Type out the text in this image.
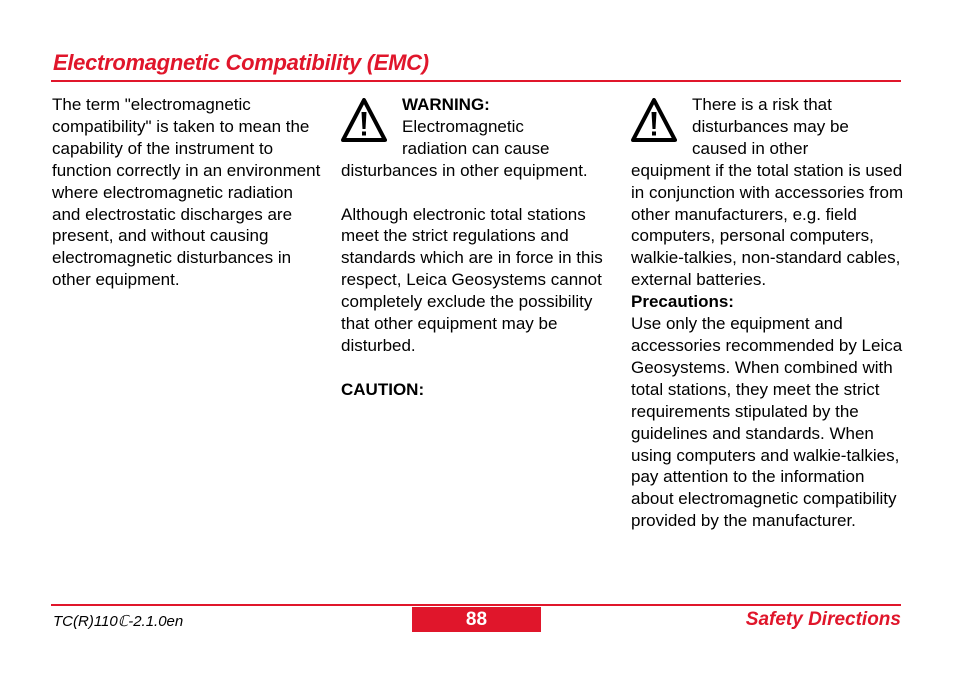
Electromagnetic Compatibility (EMC)

The term "electromagnetic compatibility" is taken to mean the capability of the instrument to function correctly in an environment where electromagnetic radiation and electrostatic discharges are present, and without causing electromagnetic disturbances in other equipment.

WARNING:
Electromagnetic
radiation can cause

disturbances in other equipment.

Although electronic total stations meet the strict regulations and standards which are in force in this respect, Leica Geosystems cannot completely exclude the possibility that other equipment may be disturbed.

CAUTION:

There is a risk that
disturbances may be
caused in other

equipment if the total station is used in conjunction with accessories from other manufacturers, e.g. field computers, personal computers, walkie-talkies, non-standard cables, external batteries.

Precautions:

Use only the equipment and accessories recommended by Leica Geosystems. When combined with total stations, they meet the strict requirements stipulated by the guidelines and standards. When using computers and walkie-talkies, pay attention to the information about electromagnetic compatibility provided by the manufacturer.

TC(R)110ℂ-2.1.0en	88	Safety Directions
